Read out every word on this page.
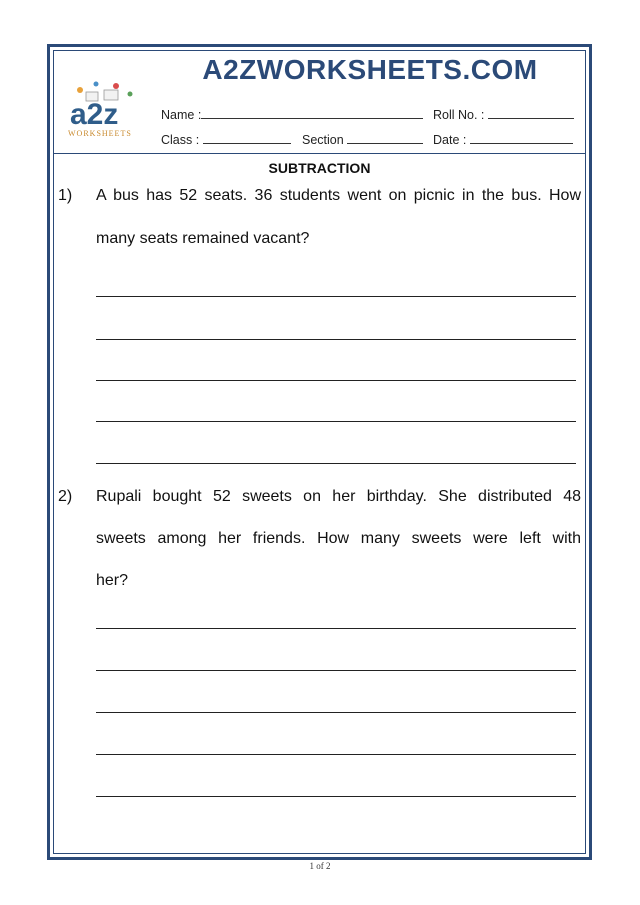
a2z
WORKSHEETS
A2ZWORKSHEETS.COM
Name :	Roll No. :
Class :	Section	Date :
SUBTRACTION
1) A bus has 52 seats. 36 students went on picnic in the bus. How
many seats remained vacant?
2) Rupali bought 52 sweets on her birthday. She distributed 48
sweets among her friends. How many sweets were left with
her?
1 of 2
